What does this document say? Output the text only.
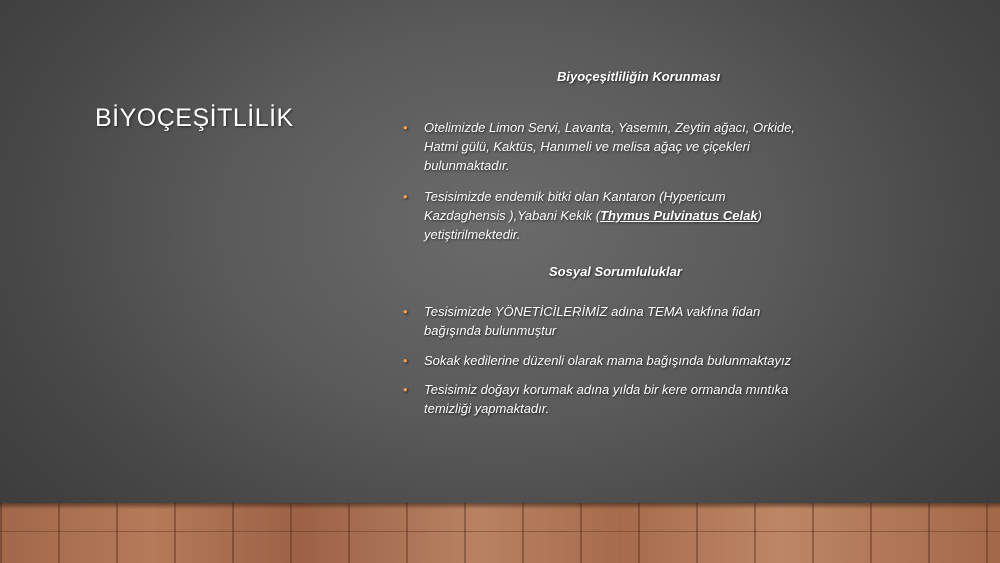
BİYOÇEŞİTLİLİK
Biyoçeşitliliğin Korunması
• Otelimizde Limon Servi, Lavanta, Yasemin, Zeytin ağacı, Orkide, Hatmi gülü, Kaktüs, Hanımeli ve melisa ağaç ve çiçekleri bulunmaktadır.
• Tesisimizde endemik bitki olan Kantaron (Hypericum Kazdaghensis ),Yabani Kekik (Thymus Pulvinatus Celak) yetiştirilmektedir.
Sosyal Sorumluluklar
• Tesisimizde YÖNETİCİLERİMİZ adına TEMA vakfına fidan bağışında bulunmuştur
• Sokak kedilerine düzenli olarak mama bağışında bulunmaktayız
• Tesisimiz doğayı korumak adına yılda bir kere ormanda mıntıka temizliği yapmaktadır.
